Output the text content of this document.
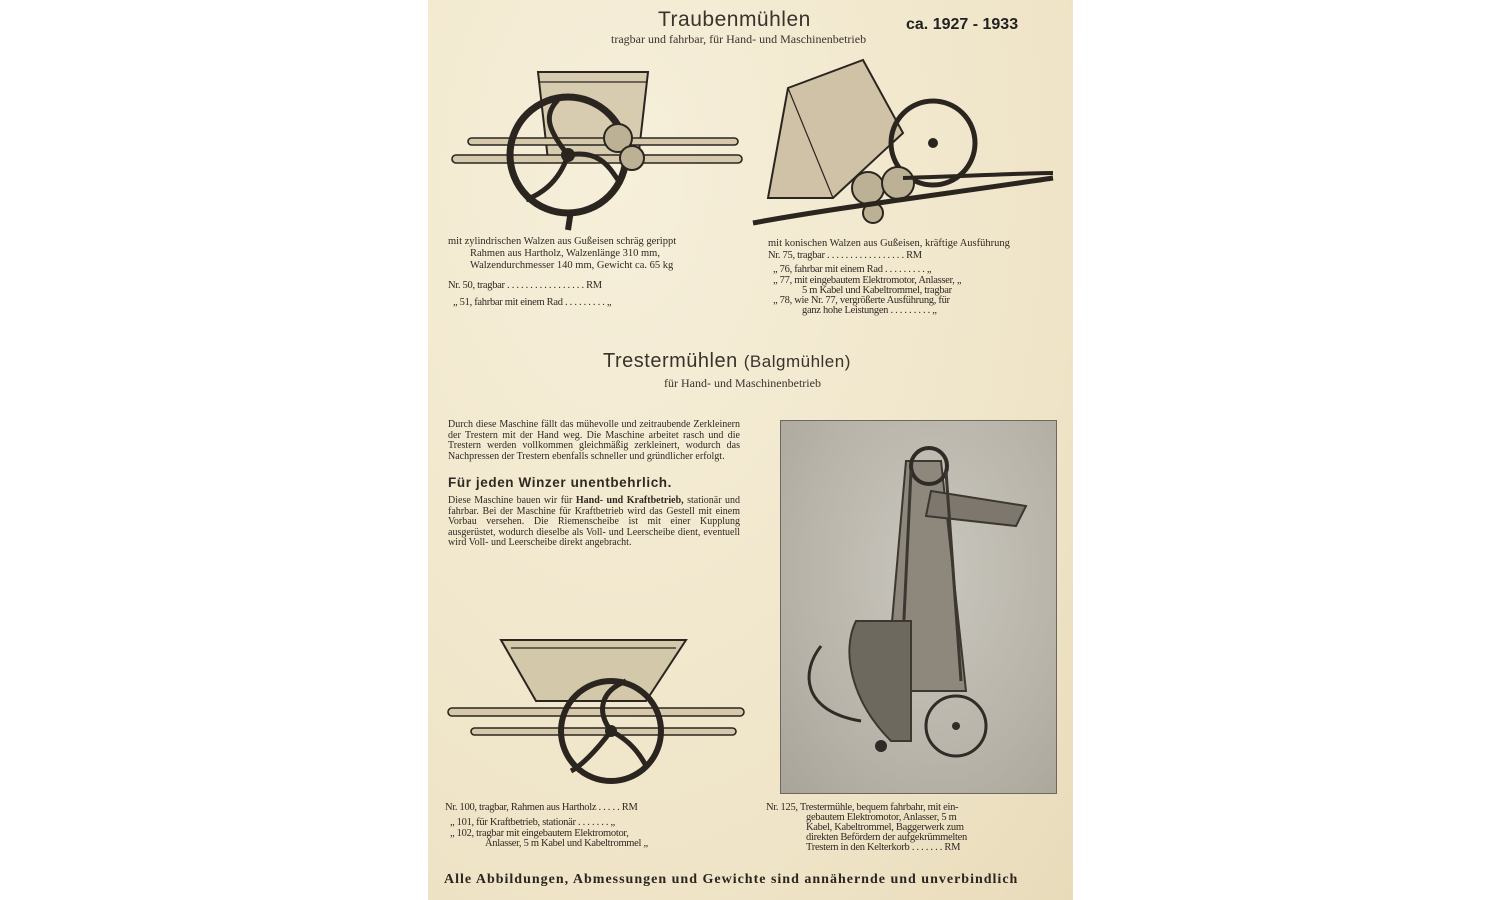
Traubenmühlen
tragbar und fahrbar, für Hand- und Maschinenbetrieb
ca. 1927 - 1933
mit zylindrischen Walzen aus Gußeisen schräg gerippt
Rahmen aus Hartholz, Walzenlänge 310 mm,
Walzendurchmesser 140 mm, Gewicht ca. 65 kg
Nr. 50, tragbar . . . . . . . . . . . . . . . . . RM
„ 51, fahrbar mit einem Rad . . . . . . . . . „
mit konischen Walzen aus Gußeisen, kräftige Ausführung
Nr. 75, tragbar . . . . . . . . . . . . . . . . . RM
„ 76, fahrbar mit einem Rad . . . . . . . . . „
„ 77, mit eingebautem Elektromotor, Anlasser, „
5 m Kabel und Kabeltrommel, tragbar
„ 78, wie Nr. 77, vergrößerte Ausführung, für
ganz hohe Leistungen . . . . . . . . . „
Trestermühlen (Balgmühlen)
für Hand- und Maschinenbetrieb
Durch diese Maschine fällt das mühevolle und zeitraubende Zerkleinern der Trestern mit der Hand weg. Die Maschine arbeitet rasch und die Trestern werden vollkommen gleichmäßig zerkleinert, wodurch das Nachpressen der Trestern ebenfalls schneller und gründlicher erfolgt.
Für jeden Winzer unentbehrlich.
Diese Maschine bauen wir für Hand- und Kraftbetrieb, stationär und fahrbar. Bei der Maschine für Kraftbetrieb wird das Gestell mit einem Vorbau versehen. Die Riemenscheibe ist mit einer Kupplung ausgerüstet, wodurch dieselbe als Voll- und Leerscheibe dient, eventuell wird Voll- und Leerscheibe direkt angebracht.
Nr. 100, tragbar, Rahmen aus Hartholz . . . . . RM
„ 101, für Kraftbetrieb, stationär . . . . . . . „
„ 102, tragbar mit eingebautem Elektromotor,
Anlasser, 5 m Kabel und Kabeltrommel „
Nr. 125, Trestermühle, bequem fahrbahr, mit ein-
gebautem Elektromotor, Anlasser, 5 m
Kabel, Kabeltrommel, Baggerwerk zum
direkten Befördern der aufgekrümmelten
Trestern in den Kelterkorb . . . . . . . RM
Alle Abbildungen, Abmessungen und Gewichte sind annähernde und unverbindlich
